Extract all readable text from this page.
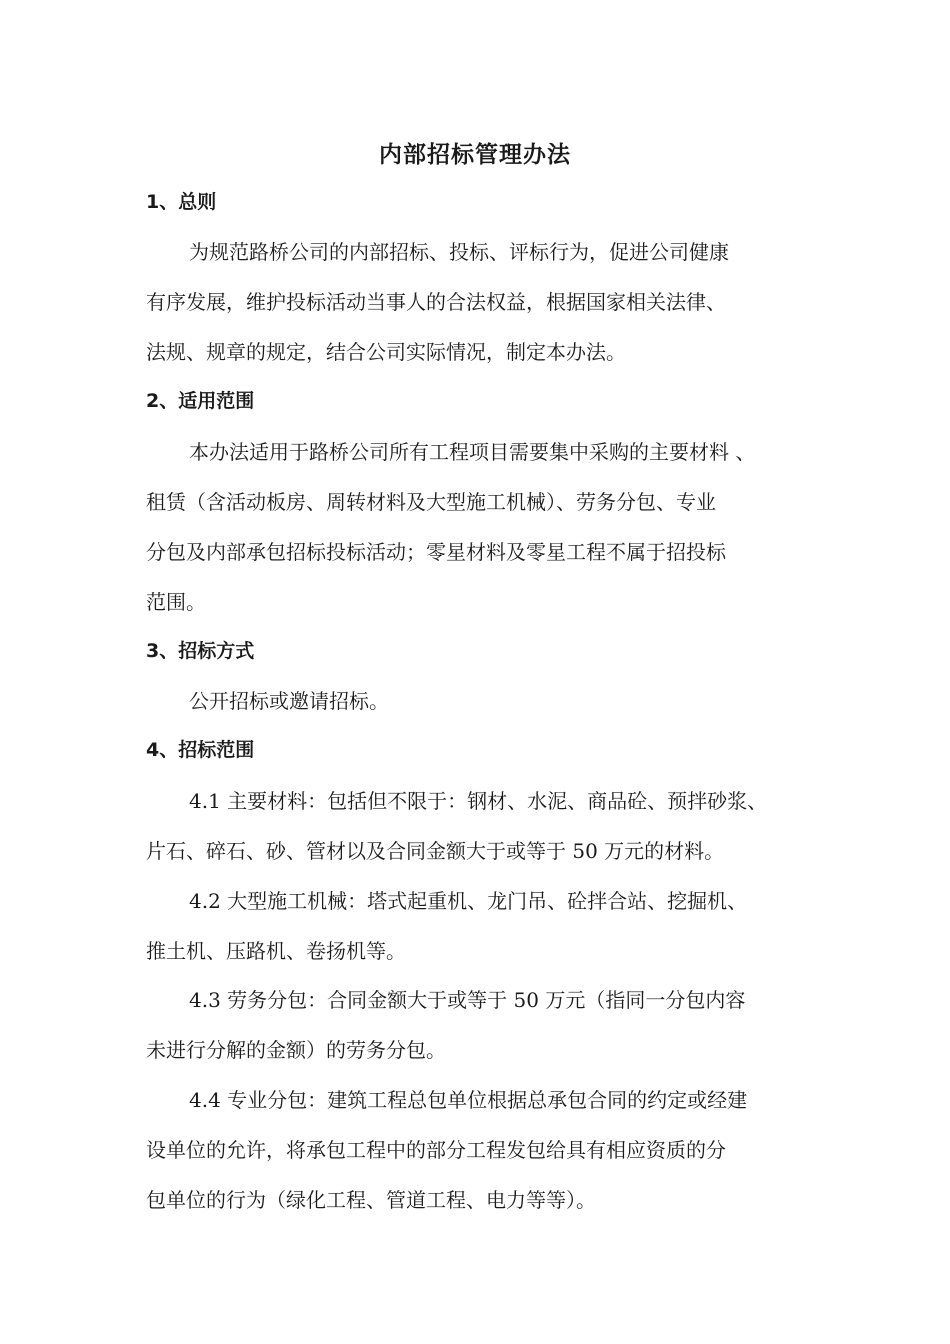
内部招标管理办法
1、总则
为规范路桥公司的内部招标、投标、评标行为，促进公司健康
有序发展，维护投标活动当事人的合法权益，根据国家相关法律、
法规、规章的规定，结合公司实际情况，制定本办法。
2、适用范围
本办法适用于路桥公司所有工程项目需要集中采购的主要材料 、
租赁（含活动板房、周转材料及大型施工机械）、劳务分包、专业
分包及内部承包招标投标活动；零星材料及零星工程不属于招投标
范围。
3、招标方式
公开招标或邀请招标。
4、招标范围
4.1 主要材料：包括但不限于：钢材、水泥、商品砼、预拌砂浆、
片石、碎石、砂、管材以及合同金额大于或等于 50 万元的材料。
4.2 大型施工机械：塔式起重机、龙门吊、砼拌合站、挖掘机、
推土机、压路机、卷扬机等。
4.3 劳务分包：合同金额大于或等于 50 万元（指同一分包内容
未进行分解的金额）的劳务分包。
4.4 专业分包：建筑工程总包单位根据总承包合同的约定或经建
设单位的允许，将承包工程中的部分工程发包给具有相应资质的分
包单位的行为（绿化工程、管道工程、电力等等）。
